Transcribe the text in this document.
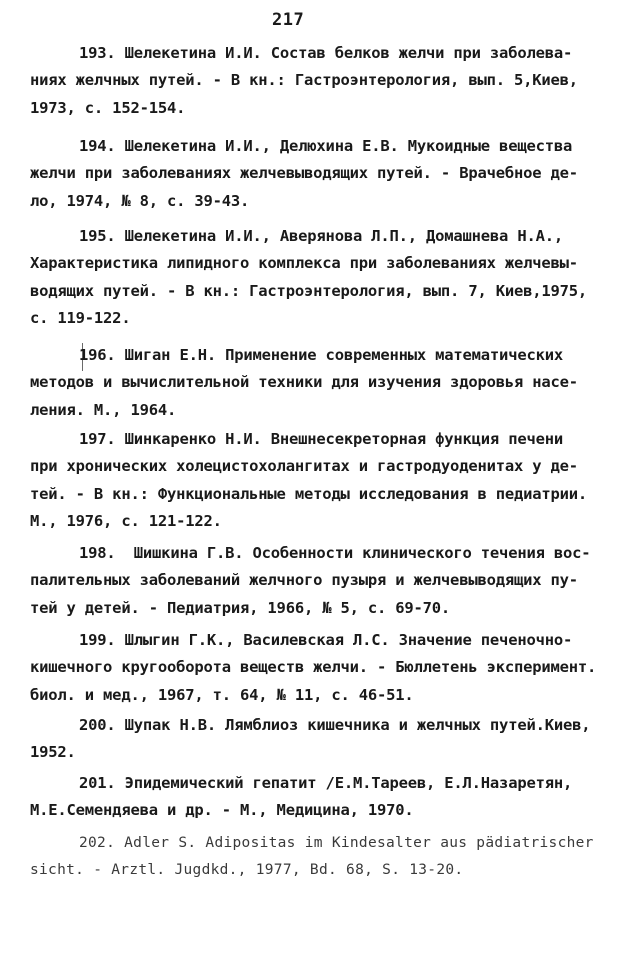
217
193. Шелекетина И.И. Состав белков желчи при заболева-
ниях желчных путей. - В кн.: Гастроэнтерология, вып. 5,Киев,
1973, с. 152-154.
194. Шелекетина И.И., Делюхина Е.В. Мукоидные вещества
желчи при заболеваниях желчевыводящих путей. - Врачебное де-
ло, 1974, № 8, с. 39-43.
195. Шелекетина И.И., Аверянова Л.П., Домашнева Н.А.,
Характеристика липидного комплекса при заболеваниях желчевы-
водящих путей. - В кн.: Гастроэнтерология, вып. 7, Киев,1975,
с. 119-122.
196. Шиган Е.Н. Применение современных математических
методов и вычислительной техники для изучения здоровья насе-
ления. М., 1964.
197. Шинкаренко Н.И. Внешнесекреторная функция печени
при хронических холецистохолангитах и гастродуоденитах у де-
тей. - В кн.: Функциональные методы исследования в педиатрии.
М., 1976, с. 121-122.
198.  Шишкина Г.В. Особенности клинического течения вос-
палительных заболеваний желчного пузыря и желчевыводящих пу-
тей у детей. - Педиатрия, 1966, № 5, с. 69-70.
199. Шлыгин Г.К., Василевская Л.С. Значение печеночно-
кишечного кругооборота веществ желчи. - Бюллетень эксперимент.
биол. и мед., 1967, т. 64, № 11, с. 46-51.
200. Шупак Н.В. Лямблиоз кишечника и желчных путей.Киев,
1952.
201. Эпидемический гепатит /Е.М.Тареев, Е.Л.Назаретян,
М.Е.Семендяева и др. - М., Медицина, 1970.
202. Adler S. Adipositas im Kindesalter aus pädiatrischer
sicht. - Arztl. Jugdkd., 1977, Bd. 68, S. 13-20.
